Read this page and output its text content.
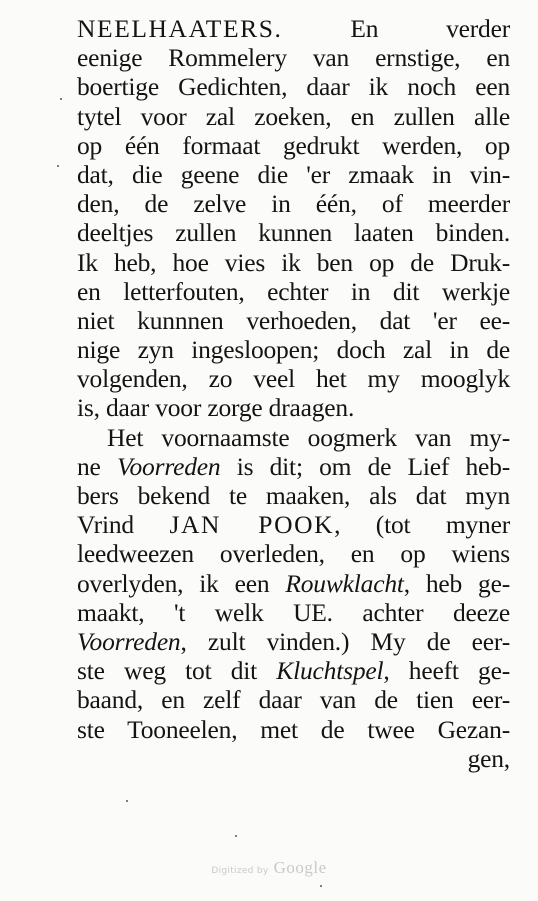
NEELHAATERS. En verder
eenige Rommelery van ernstige, en
boertige Gedichten, daar ik noch een
tytel voor zal zoeken, en zullen alle
op één formaat gedrukt werden, op
dat, die geene die 'er zmaak in vin-
den, de zelve in één, of meerder
deeltjes zullen kunnen laaten binden.
Ik heb, hoe vies ik ben op de Druk-
en letterfouten, echter in dit werkje
niet kunnnen verhoeden, dat 'er ee-
nige zyn ingesloopen; doch zal in de
volgenden, zo veel het my mooglyk
is, daar voor zorge draagen.
Het voornaamste oogmerk van my-
ne Voorreden is dit; om de Lief heb-
bers bekend te maaken, als dat myn
Vrind JAN POOK, (tot myner
leedweezen overleden, en op wiens
overlyden, ik een Rouwklacht, heb ge-
maakt, 't welk UE. achter deeze
Voorreden, zult vinden.) My de eer-
ste weg tot dit Kluchtspel, heeft ge-
baand, en zelf daar van de tien eer-
ste Tooneelen, met de twee Gezan-
gen,
Digitized by Google
